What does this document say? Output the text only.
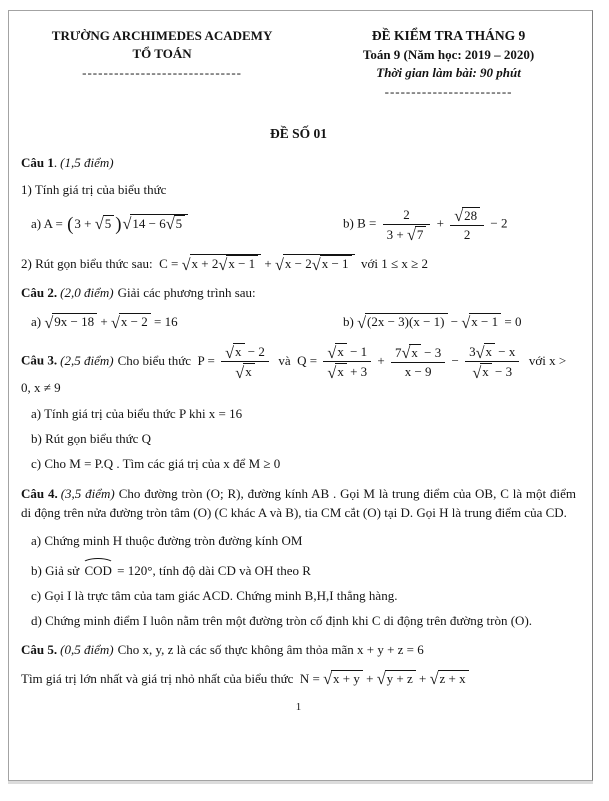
TRƯỜNG ARCHIMEDES ACADEMY
TỔ TOÁN
------------------------------
ĐỀ KIỂM TRA THÁNG 9
Toán 9 (Năm học: 2019 – 2020)
Thời gian làm bài: 90 phút
------------------------
ĐỀ SỐ 01

Câu 1. (1,5 điểm)

1) Tính giá trị của biểu thức

a) A = (3 + √5 )√14 − 6√5	b) $B = \frac{2}{3 + √7} + \frac{√28}{2} - 2$

2) Rút gọn biểu thức sau:  C = √x + 2√x − 1 + √x − 2√x − 1  với 1 ≤ x ≥ 2

Câu 2. (2,0 điểm) Giải các phương trình sau:

a) √9x − 18 + √x − 2 = 16	b) √(2x − 3)(x − 1) − √x − 1 = 0

Câu 3. (2,5 điểm) Cho biểu thức  $P = \frac{√x - 2}{√x}$ và  $Q = \frac{√x - 1}{√x + 3} + \frac{7√x - 3}{x - 9} - \frac{3√x - x}{√x - 3}$ với x > 0, x ≠ 9

a) Tính giá trị của biểu thức P khi x = 16

b) Rút gọn biểu thức Q

c) Cho M = P.Q . Tìm các giá trị của x để M ≥ 0

Câu 4. (3,5 điểm) Cho đường tròn (O; R), đường kính AB . Gọi M là trung điểm của OB, C là một điểm di động trên nửa đường tròn tâm (O) (C khác A và B), tia CM cắt (O) tại D. Gọi H là trung điểm của CD.

a) Chứng minh H thuộc đường tròn đường kính OM

b) Giả sử COD = 120°, tính độ dài CD và OH theo R

c) Gọi I là trực tâm của tam giác ACD. Chứng minh B,H,I thẳng hàng.

d) Chứng minh điểm I luôn nằm trên một đường tròn cố định khi C di động trên đường tròn (O).

Câu 5. (0,5 điểm) Cho x, y, z là các số thực không âm thỏa mãn x + y + z = 6

Tìm giá trị lớn nhất và giá trị nhỏ nhất của biểu thức  N = √x + y + √y + z + √z + x

1
